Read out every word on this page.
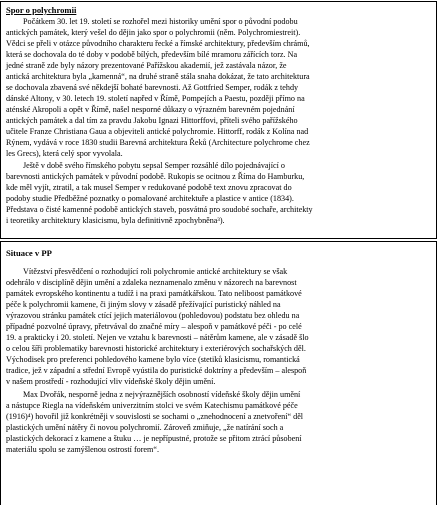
Spor o polychromii
Počátkem 30. let 19. století se rozhořel mezi historiky umění spor o původní podobu
antických památek, který vešel do dějin jako spor o polychromii (něm. Polychromiestreit).
Vědci se přeli v otázce původního charakteru řecké a římské architektury, především chrámů,
která se dochovala do té doby v podobě bílých, především bílé mramoru zářících torz. Na
jedné straně zde byly názory prezentované Pařížskou akademií, jež zastávala názor, že
antická architektura byla „kamenná“, na druhé straně stála snaha dokázat, že tato architektura
se dochovala zbavená své někdejší bohaté barevnosti. Až Gottfried Semper, rodák z tehdy
dánské Altony, v 30. letech 19. století napřed v Římě, Pompejích a Paestu, později přímo na
aténské Akropoli a opět v Římě, našel nesporné důkazy o výrazném barevném pojednání
antických památek a dal tím za pravdu Jakobu Ignazi Hittorffovi, příteli svého pařížského
učitele Franze Christiana Gaua a objeviteli antické polychromie. Hittorff, rodák z Kolína nad
Rýnem, vydává v roce 1830 studii Barevná architektura Řeků (Architecture polychrome chez
les Grecs), která celý spor vyvolala.
Ještě v době svého římského pobytu sepsal Semper rozsáhlé dílo pojednávající o
barevnosti antických památek v původní podobě. Rukopis se ocitnou z Říma do Hamburku,
kde měl vyjít, ztratil, a tak musel Semper v redukované podobě text znovu zpracovat do
podoby studie Předběžné poznatky o pomalované architektuře a plastice v antice (1834).
Představa o čisté kamenné podobě antických staveb, posvátná pro soudobé sochaře, architekty
i teoretiky architektury klasicismu, byla definitivně zpochybněna³).
Situace v PP
Vítězství přesvědčení o rozhodující roli polychromie antické architektury se však
odehrálo v disciplíně dějin umění a zdaleka neznamenalo změnu v názorech na barevnost
památek evropského kontinentu a tudíž i na praxi památkářskou. Tato neliboost památkové
péče k polychromii kamene, či jiným slovy v zásadě přežívající puristický náhled na
výrazovou stránku památek ctící jejich materiálovou (pohledovou) podstatu bez ohledu na
případné pozvolné úpravy, přetrvával do značné míry – alespoň v památkové péči - po celé
19. a prakticky i 20. století. Nejen ve vztahu k barevnosti – nátěrům kamene, ale v zásadě šlo
o celou šíři problematiky barevnosti historické architektury i exteriérových sochařských děl.
Východisek pro preferenci pohledového kamene bylo více (stetiků klasicismu, romantická
tradice, jež v západní a střední Evropě vyústila do puristické doktríny a především – alespoň
v našem prostředí - rozhodující vliv vídeňské školy dějin umění.
Max Dvořák, nesporně jedna z nejvýraznějších osobností vídeňské školy dějin umění
a nástupce Riegla na vídeňském univerzitním stolci ve svém Katechismu památkové péče
(1916)⁴) hovořil již konkrétněji v souvislosti se sochami o „znehodnocení a znetvoření“ děl
plastických umění nátěry či novou polychromií. Zároveň zmiňuje, „že natírání soch a
plastických dekorací z kamene a štuku … je nepřípustné, protože se přitom ztrácí působení
materiálu spolu se zamýšlenou ostrostí forem“.
